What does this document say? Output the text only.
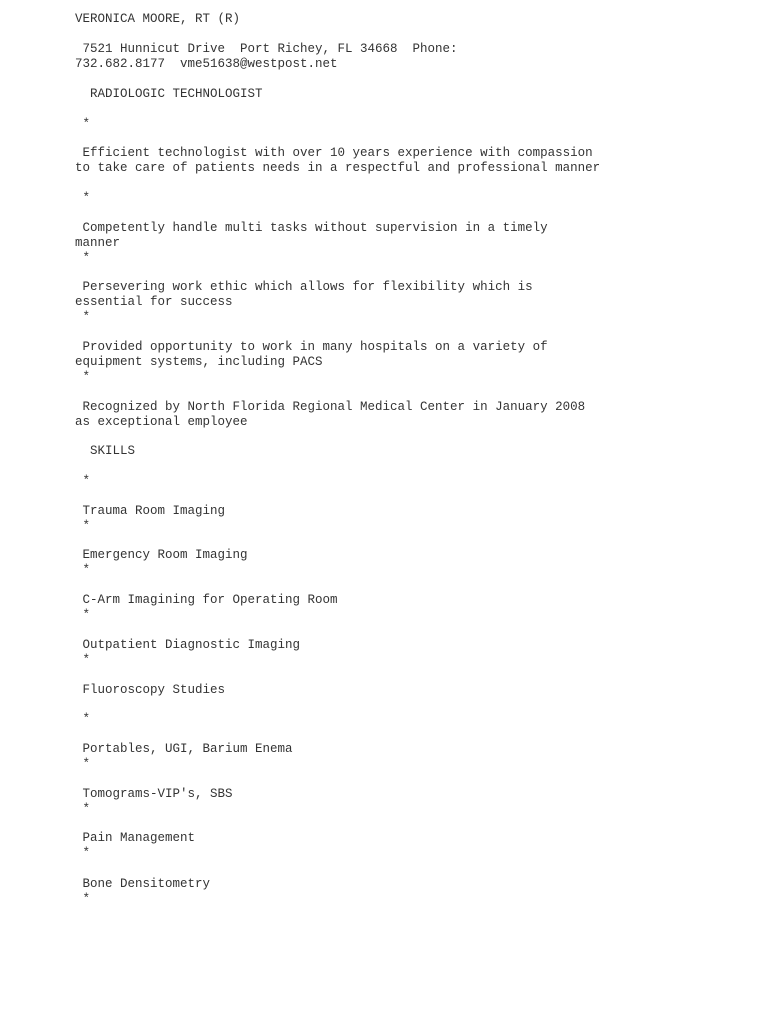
VERONICA MOORE, RT (R)
7521 Hunnicut Drive  Port Richey, FL 34668  Phone:
732.682.8177  vme51638@westpost.net
RADIOLOGIC TECHNOLOGIST
*
Efficient technologist with over 10 years experience with compassion
to take care of patients needs in a respectful and professional manner
*
Competently handle multi tasks without supervision in a timely
manner
*
Persevering work ethic which allows for flexibility which is
essential for success
*
Provided opportunity to work in many hospitals on a variety of
equipment systems, including PACS
*
Recognized by North Florida Regional Medical Center in January 2008
as exceptional employee
SKILLS
*
Trauma Room Imaging
*
Emergency Room Imaging
*
C-Arm Imagining for Operating Room
*
Outpatient Diagnostic Imaging
*
Fluoroscopy Studies
*
Portables, UGI, Barium Enema
*
Tomograms-VIP's, SBS
*
Pain Management
*
Bone Densitometry
*
